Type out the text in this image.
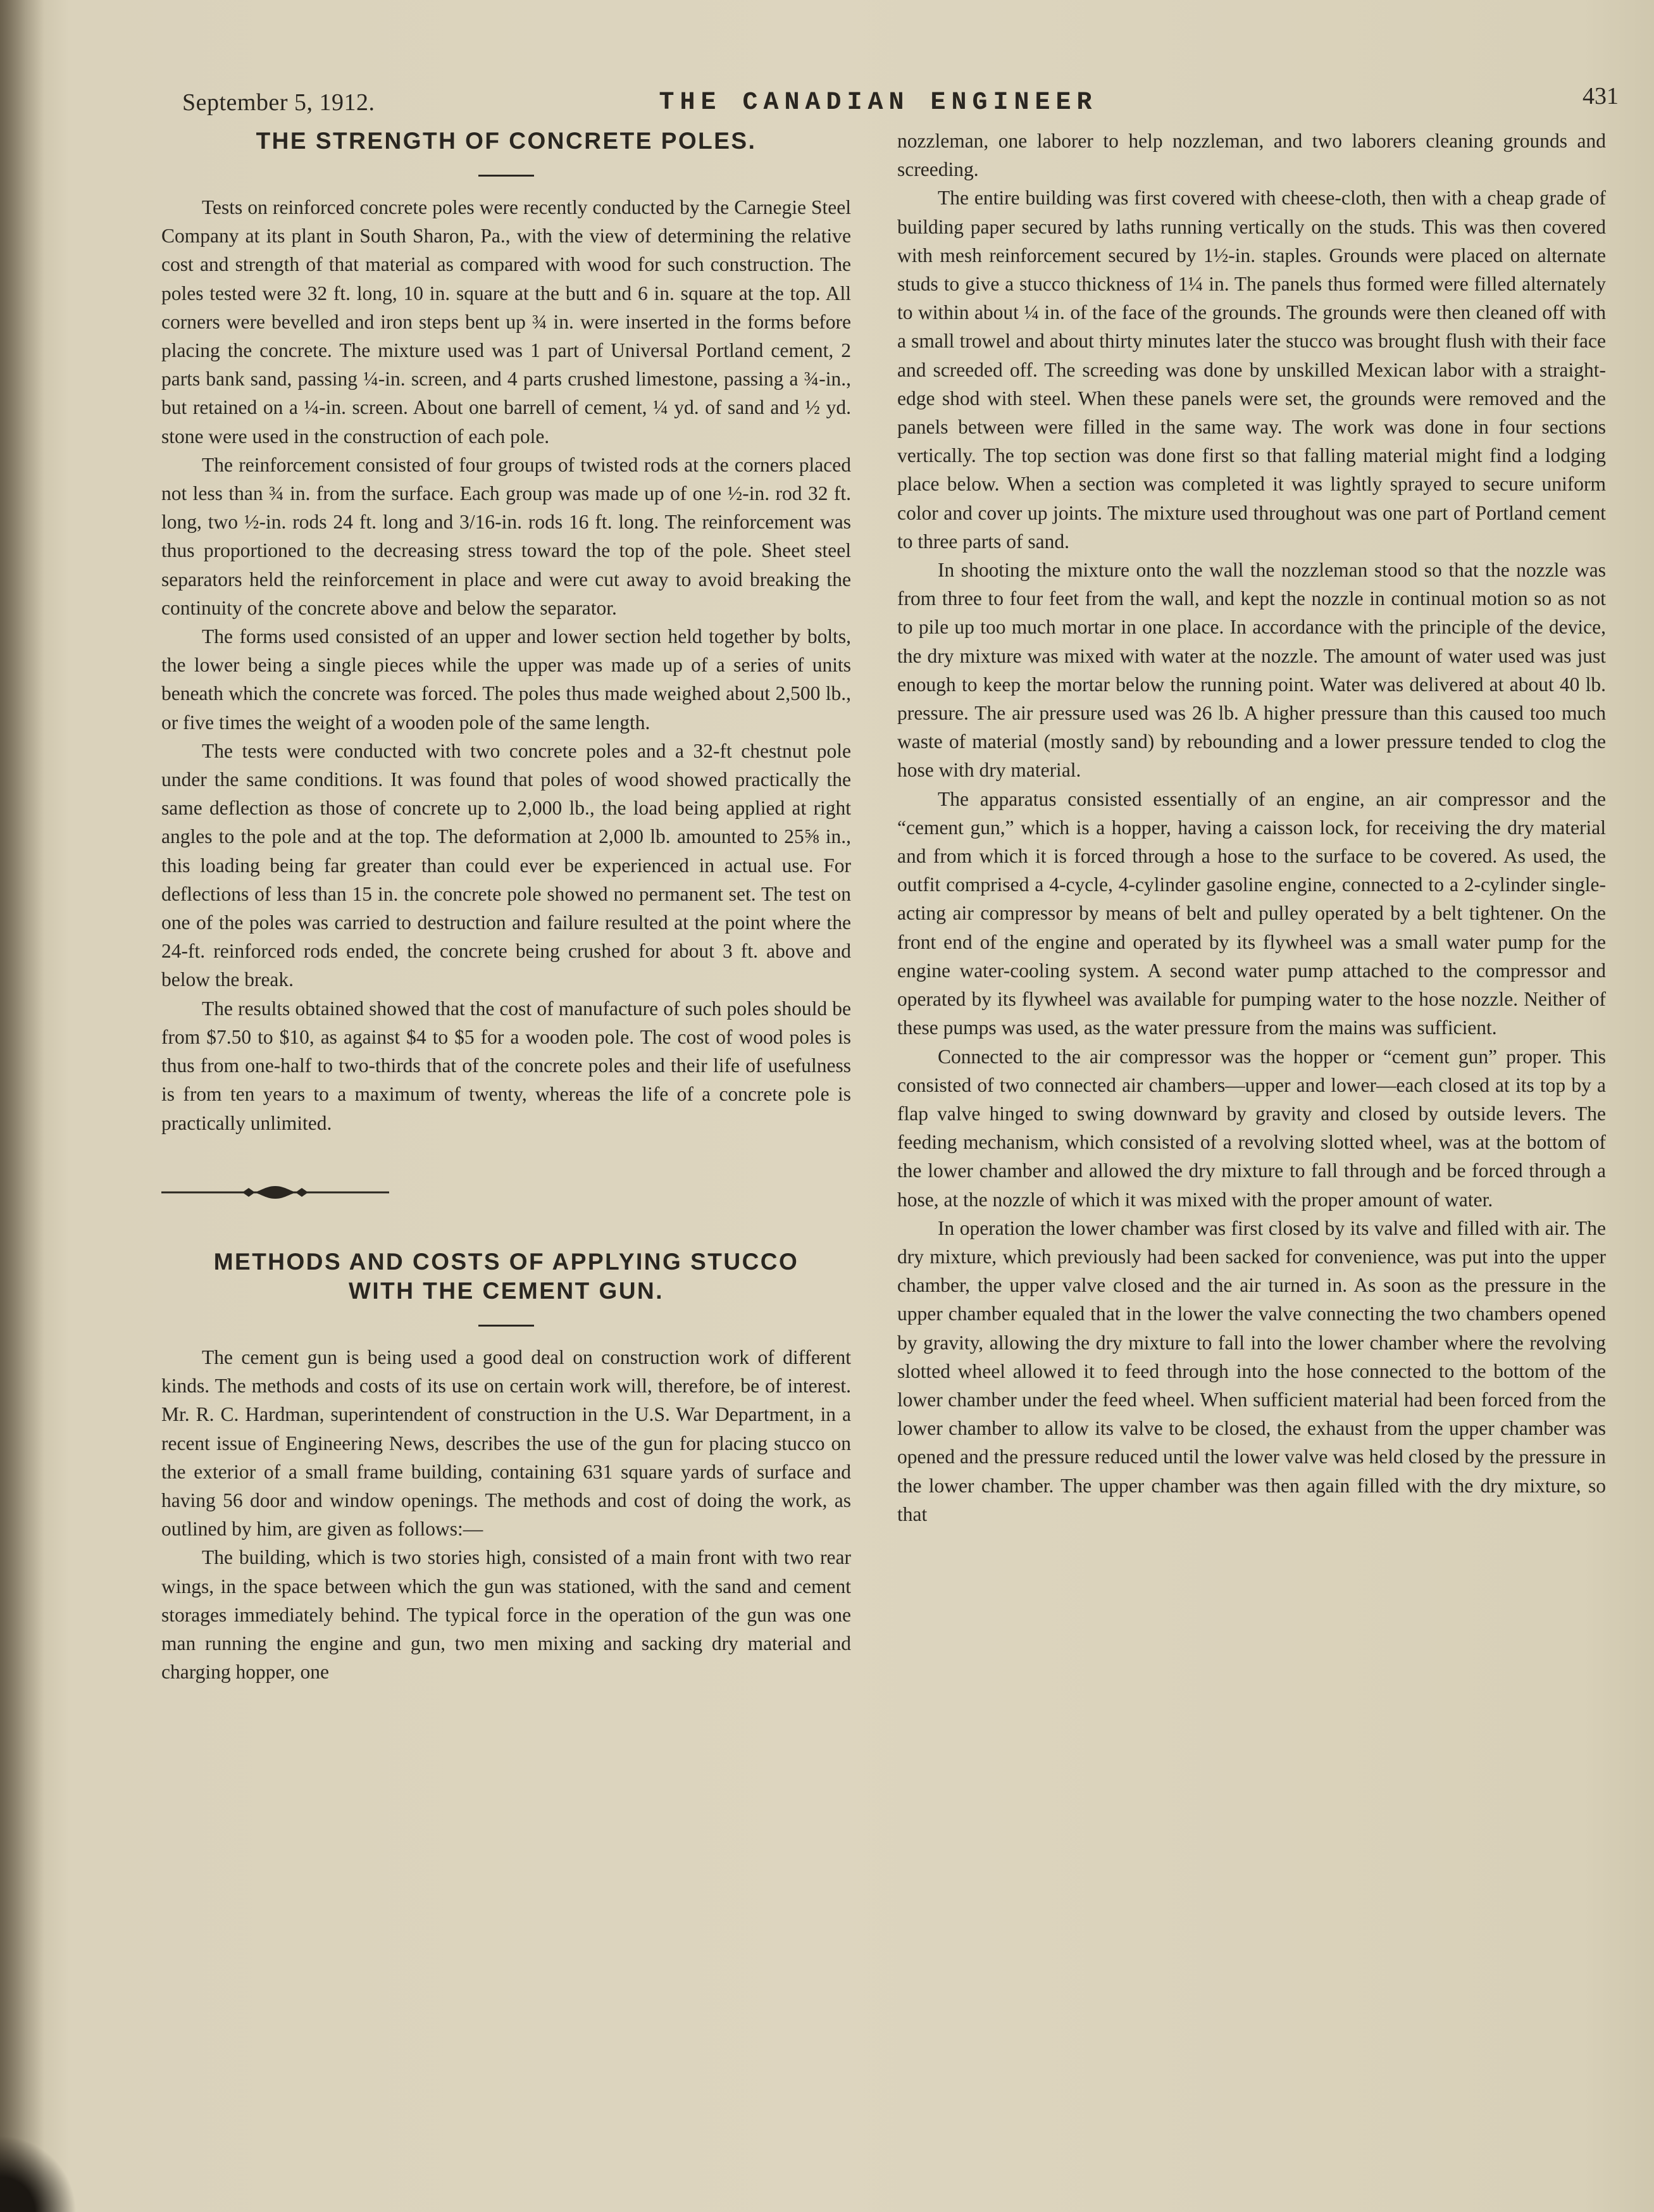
September 5, 1912.	THE CANADIAN ENGINEER	431
THE STRENGTH OF CONCRETE POLES.

Tests on reinforced concrete poles were recently conducted by the Carnegie Steel Company at its plant in South Sharon, Pa., with the view of determining the relative cost and strength of that material as compared with wood for such construction. The poles tested were 32 ft. long, 10 in. square at the butt and 6 in. square at the top. All corners were bevelled and iron steps bent up ¾ in. were inserted in the forms before placing the concrete. The mixture used was 1 part of Universal Portland cement, 2 parts bank sand, passing ¼-in. screen, and 4 parts crushed limestone, passing a ¾-in., but retained on a ¼-in. screen. About one barrell of cement, ¼ yd. of sand and ½ yd. stone were used in the construction of each pole.

The reinforcement consisted of four groups of twisted rods at the corners placed not less than ¾ in. from the surface. Each group was made up of one ½-in. rod 32 ft. long, two ½-in. rods 24 ft. long and 3/16-in. rods 16 ft. long. The reinforcement was thus proportioned to the decreasing stress toward the top of the pole. Sheet steel separators held the reinforcement in place and were cut away to avoid breaking the continuity of the concrete above and below the separator.

The forms used consisted of an upper and lower section held together by bolts, the lower being a single pieces while the upper was made up of a series of units beneath which the concrete was forced. The poles thus made weighed about 2,500 lb., or five times the weight of a wooden pole of the same length.

The tests were conducted with two concrete poles and a 32-ft chestnut pole under the same conditions. It was found that poles of wood showed practically the same deflection as those of concrete up to 2,000 lb., the load being applied at right angles to the pole and at the top. The deformation at 2,000 lb. amounted to 25⅝ in., this loading being far greater than could ever be experienced in actual use. For deflections of less than 15 in. the concrete pole showed no permanent set. The test on one of the poles was carried to destruction and failure resulted at the point where the 24-ft. reinforced rods ended, the concrete being crushed for about 3 ft. above and below the break.

The results obtained showed that the cost of manufacture of such poles should be from $7.50 to $10, as against $4 to $5 for a wooden pole. The cost of wood poles is thus from one-half to two-thirds that of the concrete poles and their life of usefulness is from ten years to a maximum of twenty, whereas the life of a concrete pole is practically unlimited.

METHODS AND COSTS OF APPLYING STUCCO
WITH THE CEMENT GUN.

The cement gun is being used a good deal on construction work of different kinds. The methods and costs of its use on certain work will, therefore, be of interest. Mr. R. C. Hardman, superintendent of construction in the U.S. War Department, in a recent issue of Engineering News, describes the use of the gun for placing stucco on the exterior of a small frame building, containing 631 square yards of surface and having 56 door and window openings. The methods and cost of doing the work, as outlined by him, are given as follows:—

The building, which is two stories high, consisted of a main front with two rear wings, in the space between which the gun was stationed, with the sand and cement storages immediately behind. The typical force in the operation of the gun was one man running the engine and gun, two men mixing and sacking dry material and charging hopper, one

nozzleman, one laborer to help nozzleman, and two laborers cleaning grounds and screeding.

The entire building was first covered with cheese-cloth, then with a cheap grade of building paper secured by laths running vertically on the studs. This was then covered with mesh reinforcement secured by 1½-in. staples. Grounds were placed on alternate studs to give a stucco thickness of 1¼ in. The panels thus formed were filled alternately to within about ¼ in. of the face of the grounds. The grounds were then cleaned off with a small trowel and about thirty minutes later the stucco was brought flush with their face and screeded off. The screeding was done by unskilled Mexican labor with a straight-edge shod with steel. When these panels were set, the grounds were removed and the panels between were filled in the same way. The work was done in four sections vertically. The top section was done first so that falling material might find a lodging place below. When a section was completed it was lightly sprayed to secure uniform color and cover up joints. The mixture used throughout was one part of Portland cement to three parts of sand.

In shooting the mixture onto the wall the nozzleman stood so that the nozzle was from three to four feet from the wall, and kept the nozzle in continual motion so as not to pile up too much mortar in one place. In accordance with the principle of the device, the dry mixture was mixed with water at the nozzle. The amount of water used was just enough to keep the mortar below the running point. Water was delivered at about 40 lb. pressure. The air pressure used was 26 lb. A higher pressure than this caused too much waste of material (mostly sand) by rebounding and a lower pressure tended to clog the hose with dry material.

The apparatus consisted essentially of an engine, an air compressor and the “cement gun,” which is a hopper, having a caisson lock, for receiving the dry material and from which it is forced through a hose to the surface to be covered. As used, the outfit comprised a 4-cycle, 4-cylinder gasoline engine, connected to a 2-cylinder single-acting air compressor by means of belt and pulley operated by a belt tightener. On the front end of the engine and operated by its flywheel was a small water pump for the engine water-cooling system. A second water pump attached to the compressor and operated by its flywheel was available for pumping water to the hose nozzle. Neither of these pumps was used, as the water pressure from the mains was sufficient.

Connected to the air compressor was the hopper or “cement gun” proper. This consisted of two connected air chambers—upper and lower—each closed at its top by a flap valve hinged to swing downward by gravity and closed by outside levers. The feeding mechanism, which consisted of a revolving slotted wheel, was at the bottom of the lower chamber and allowed the dry mixture to fall through and be forced through a hose, at the nozzle of which it was mixed with the proper amount of water.

In operation the lower chamber was first closed by its valve and filled with air. The dry mixture, which previously had been sacked for convenience, was put into the upper chamber, the upper valve closed and the air turned in. As soon as the pressure in the upper chamber equaled that in the lower the valve connecting the two chambers opened by gravity, allowing the dry mixture to fall into the lower chamber where the revolving slotted wheel allowed it to feed through into the hose connected to the bottom of the lower chamber under the feed wheel. When sufficient material had been forced from the lower chamber to allow its valve to be closed, the exhaust from the upper chamber was opened and the pressure reduced until the lower valve was held closed by the pressure in the lower chamber. The upper chamber was then again filled with the dry mixture, so that
